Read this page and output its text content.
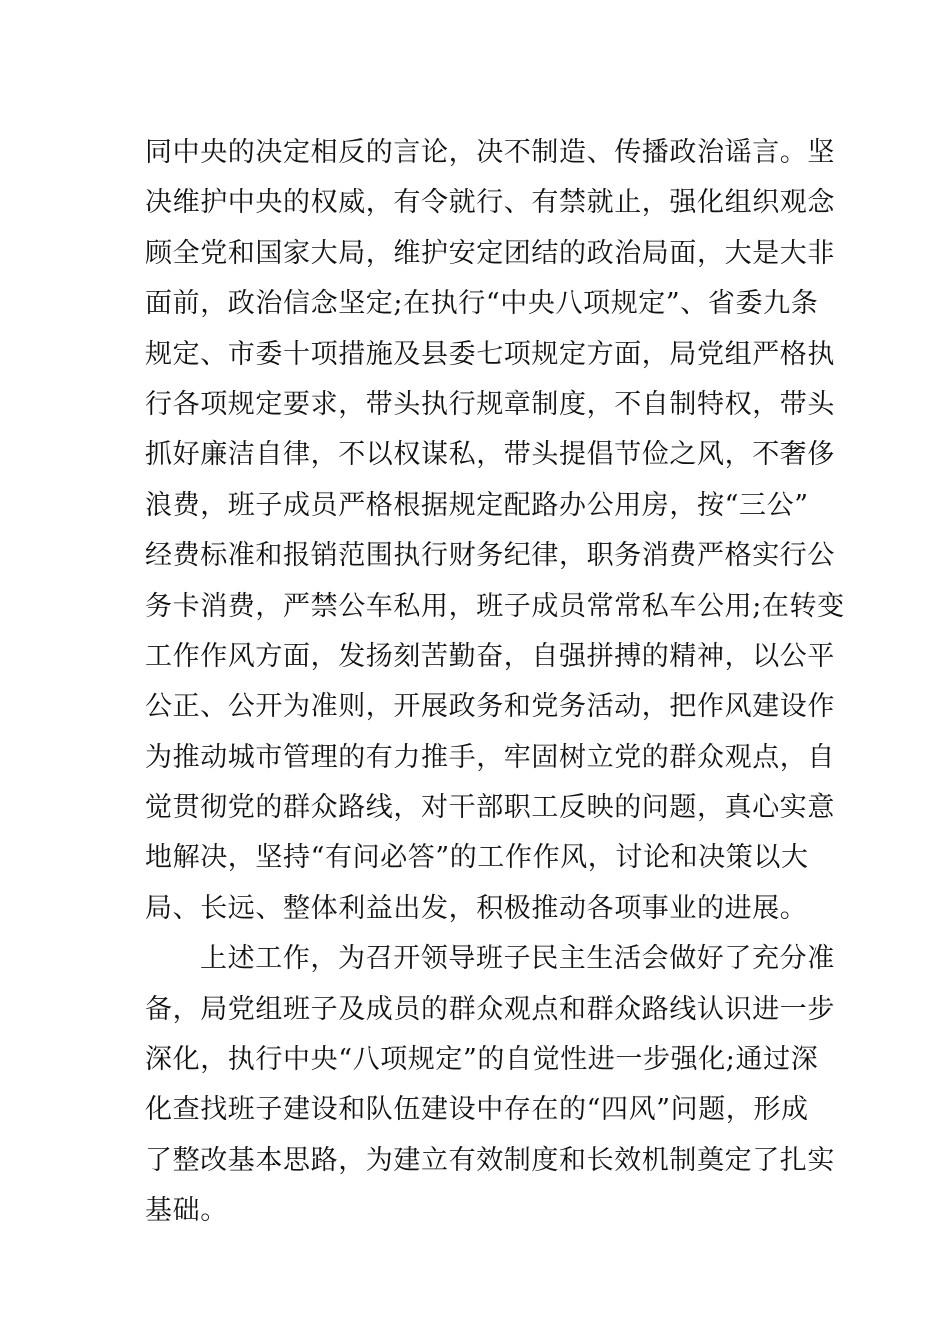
同中央的决定相反的言论，决不制造、传播政治谣言。坚
决维护中央的权威，有令就行、有禁就止，强化组织观念
顾全党和国家大局，维护安定团结的政治局面，大是大非
面前，政治信念坚定;在执行“中央八项规定”、省委九条
规定、市委十项措施及县委七项规定方面，局党组严格执
行各项规定要求，带头执行规章制度，不自制特权，带头
抓好廉洁自律，不以权谋私，带头提倡节俭之风，不奢侈
浪费，班子成员严格根据规定配路办公用房，按“三公”
经费标准和报销范围执行财务纪律，职务消费严格实行公
务卡消费，严禁公车私用，班子成员常常私车公用;在转变
工作作风方面，发扬刻苦勤奋，自强拼搏的精神，以公平
公正、公开为准则，开展政务和党务活动，把作风建设作
为推动城市管理的有力推手，牢固树立党的群众观点，自
觉贯彻党的群众路线，对干部职工反映的问题，真心实意
地解决，坚持“有问必答”的工作作风，讨论和决策以大
局、长远、整体利益出发，积极推动各项事业的进展。
上述工作，为召开领导班子民主生活会做好了充分准
备，局党组班子及成员的群众观点和群众路线认识进一步
深化，执行中央“八项规定”的自觉性进一步强化;通过深
化查找班子建设和队伍建设中存在的“四风”问题，形成
了整改基本思路，为建立有效制度和长效机制奠定了扎实
基础。
